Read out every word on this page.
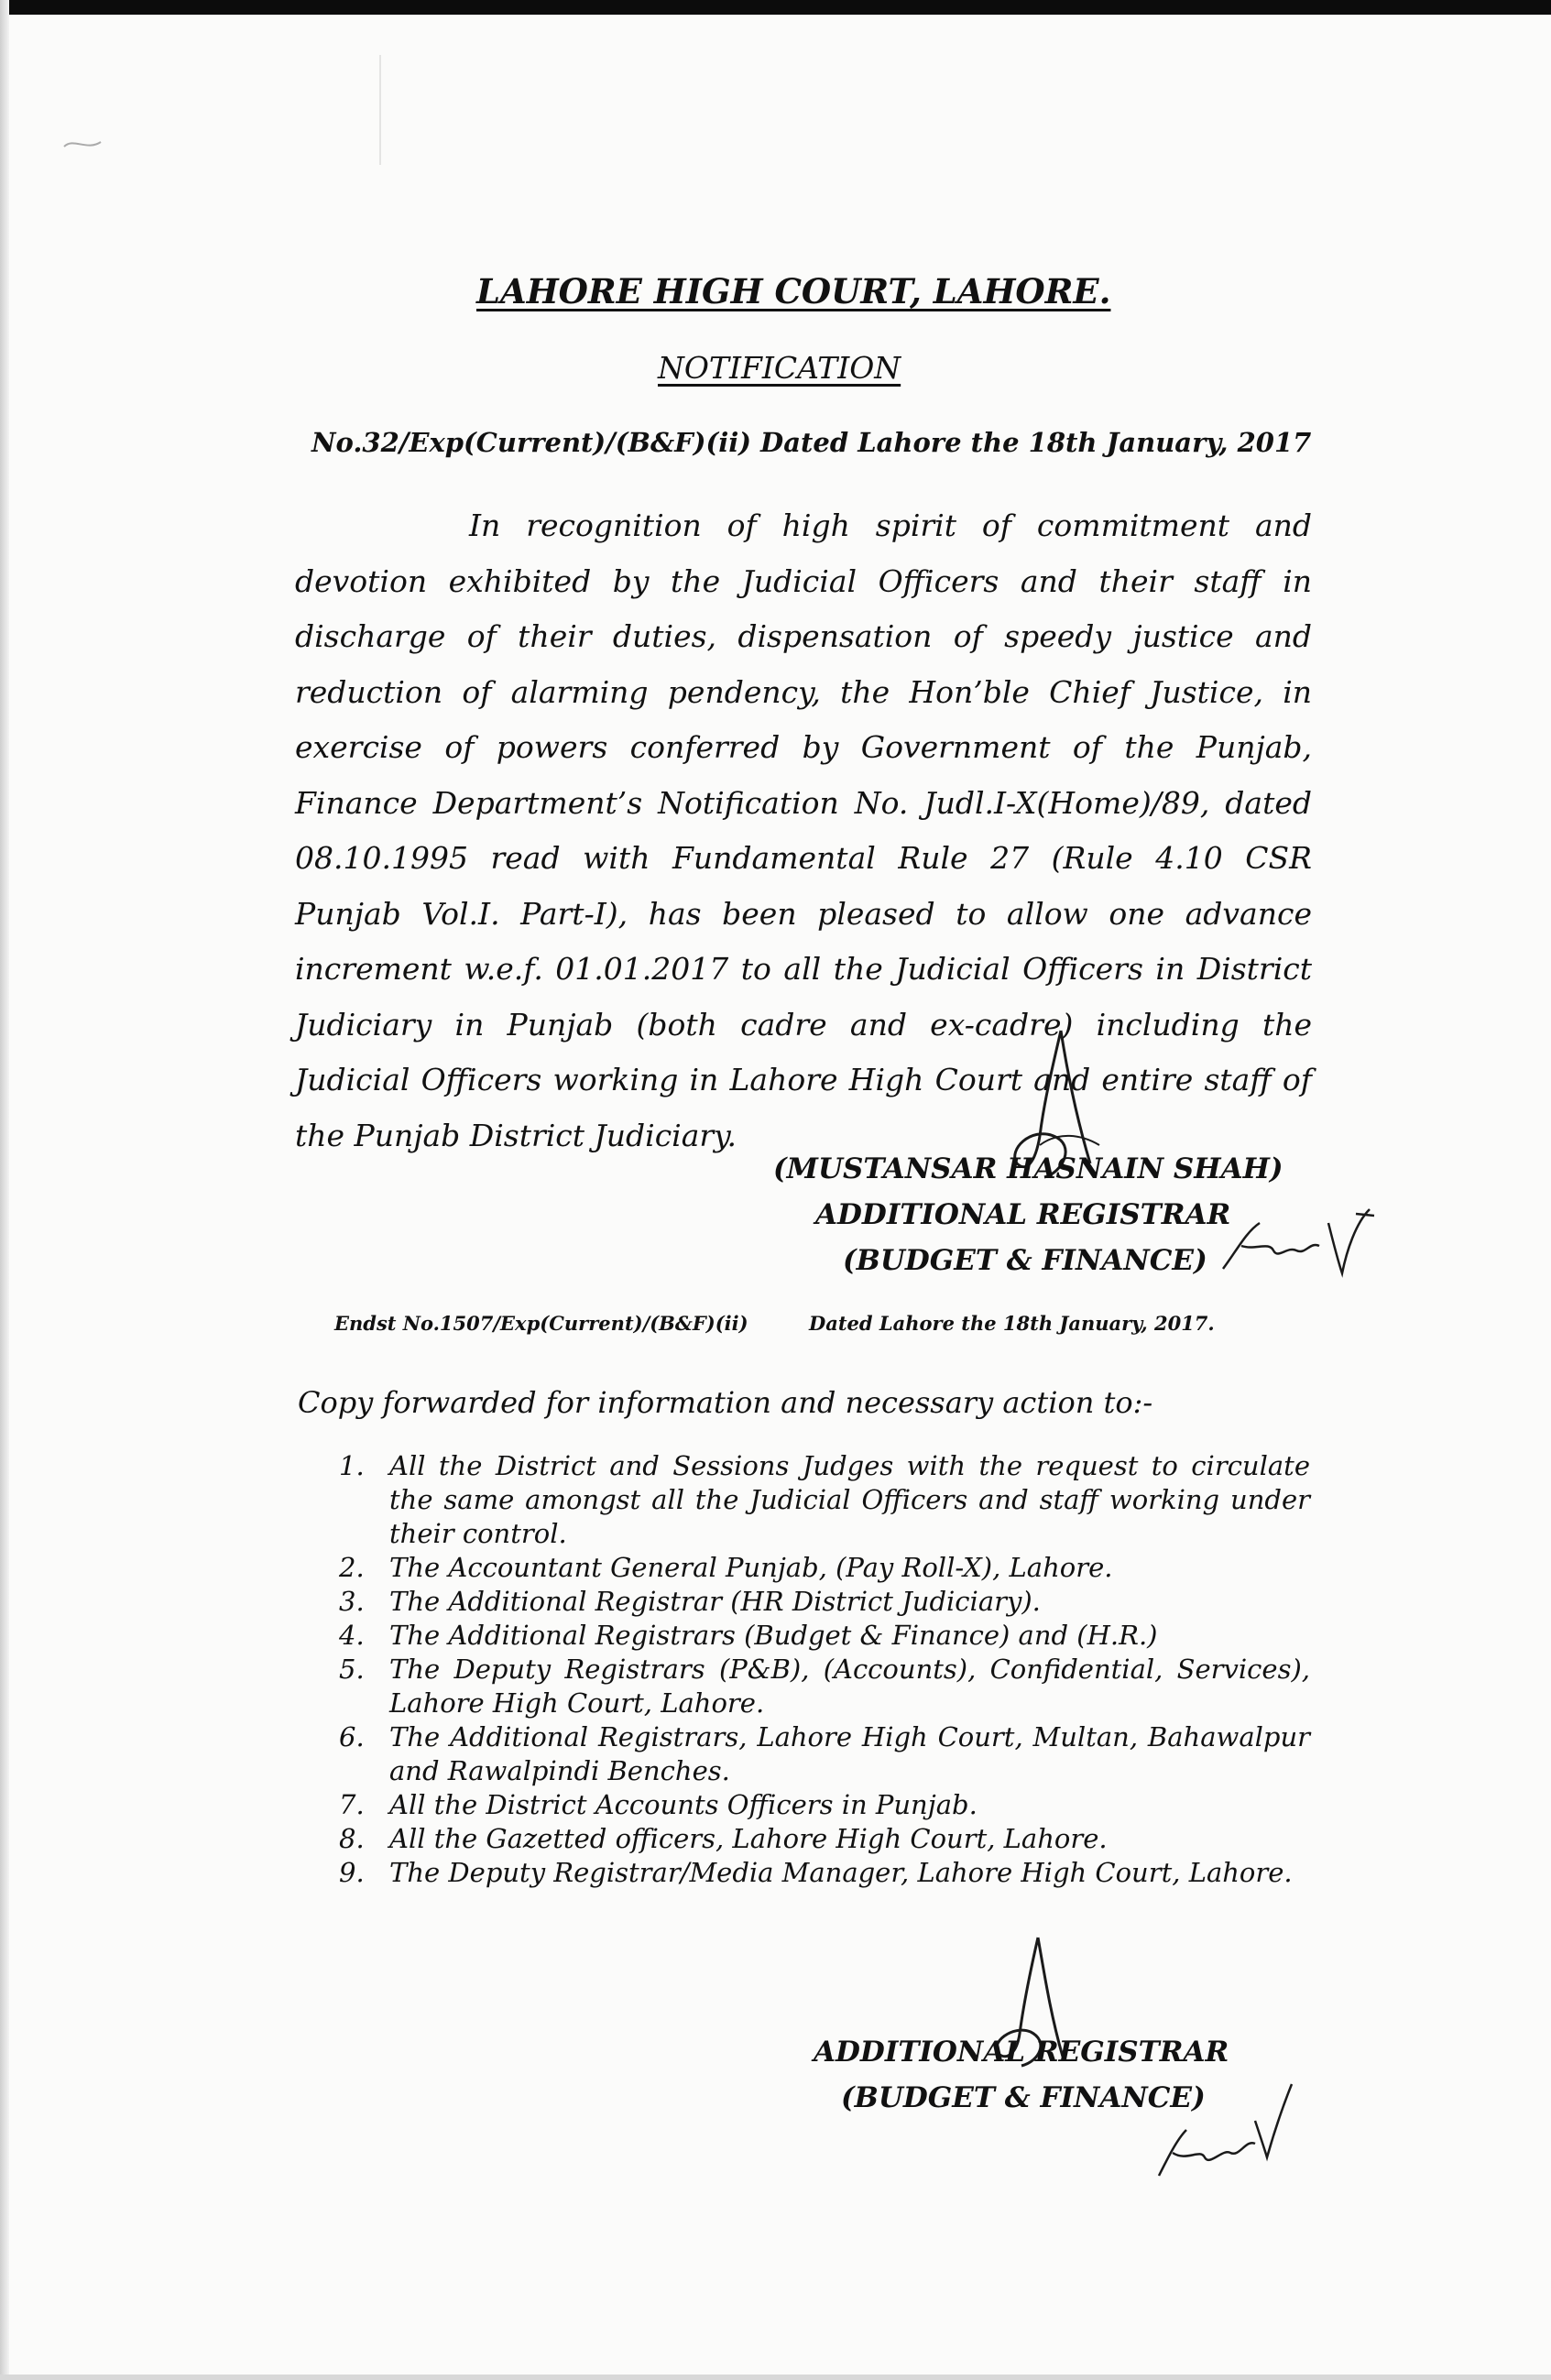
LAHORE HIGH COURT, LAHORE.
NOTIFICATION
No.32/Exp(Current)/(B&F)(ii) Dated Lahore the 18th January, 2017

In recognition of high spirit of commitment and devotion exhibited by the Judicial Officers and their staff in discharge of their duties, dispensation of speedy justice and reduction of alarming pendency, the Hon’ble Chief Justice, in exercise of powers conferred by Government of the Punjab, Finance Department’s Notification No. Judl.I-X(Home)/89, dated 08.10.1995 read with Fundamental Rule 27 (Rule 4.10 CSR Punjab Vol.I. Part-I), has been pleased to allow one advance increment w.e.f. 01.01.2017 to all the Judicial Officers in District Judiciary in Punjab (both cadre and ex-cadre) including the Judicial Officers working in Lahore High Court and entire staff of the Punjab District Judiciary.

(MUSTANSAR HASNAIN SHAH)
ADDITIONAL REGISTRAR
(BUDGET & FINANCE)
Endst No.1507/Exp(Current)/(B&F)(ii)	Dated Lahore the 18th January, 2017.
Copy forwarded for information and necessary action to:-
1. All the District and Sessions Judges with the request to circulate the same amongst all the Judicial Officers and staff working under their control.
2. The Accountant General Punjab, (Pay Roll-X), Lahore.
3. The Additional Registrar (HR District Judiciary).
4. The Additional Registrars (Budget & Finance) and (H.R.)
5. The Deputy Registrars (P&B), (Accounts), Confidential, Services), Lahore High Court, Lahore.
6. The Additional Registrars, Lahore High Court, Multan, Bahawalpur and Rawalpindi Benches.
7. All the District Accounts Officers in Punjab.
8. All the Gazetted officers, Lahore High Court, Lahore.
9. The Deputy Registrar/Media Manager, Lahore High Court, Lahore.
ADDITIONAL REGISTRAR
(BUDGET & FINANCE)
